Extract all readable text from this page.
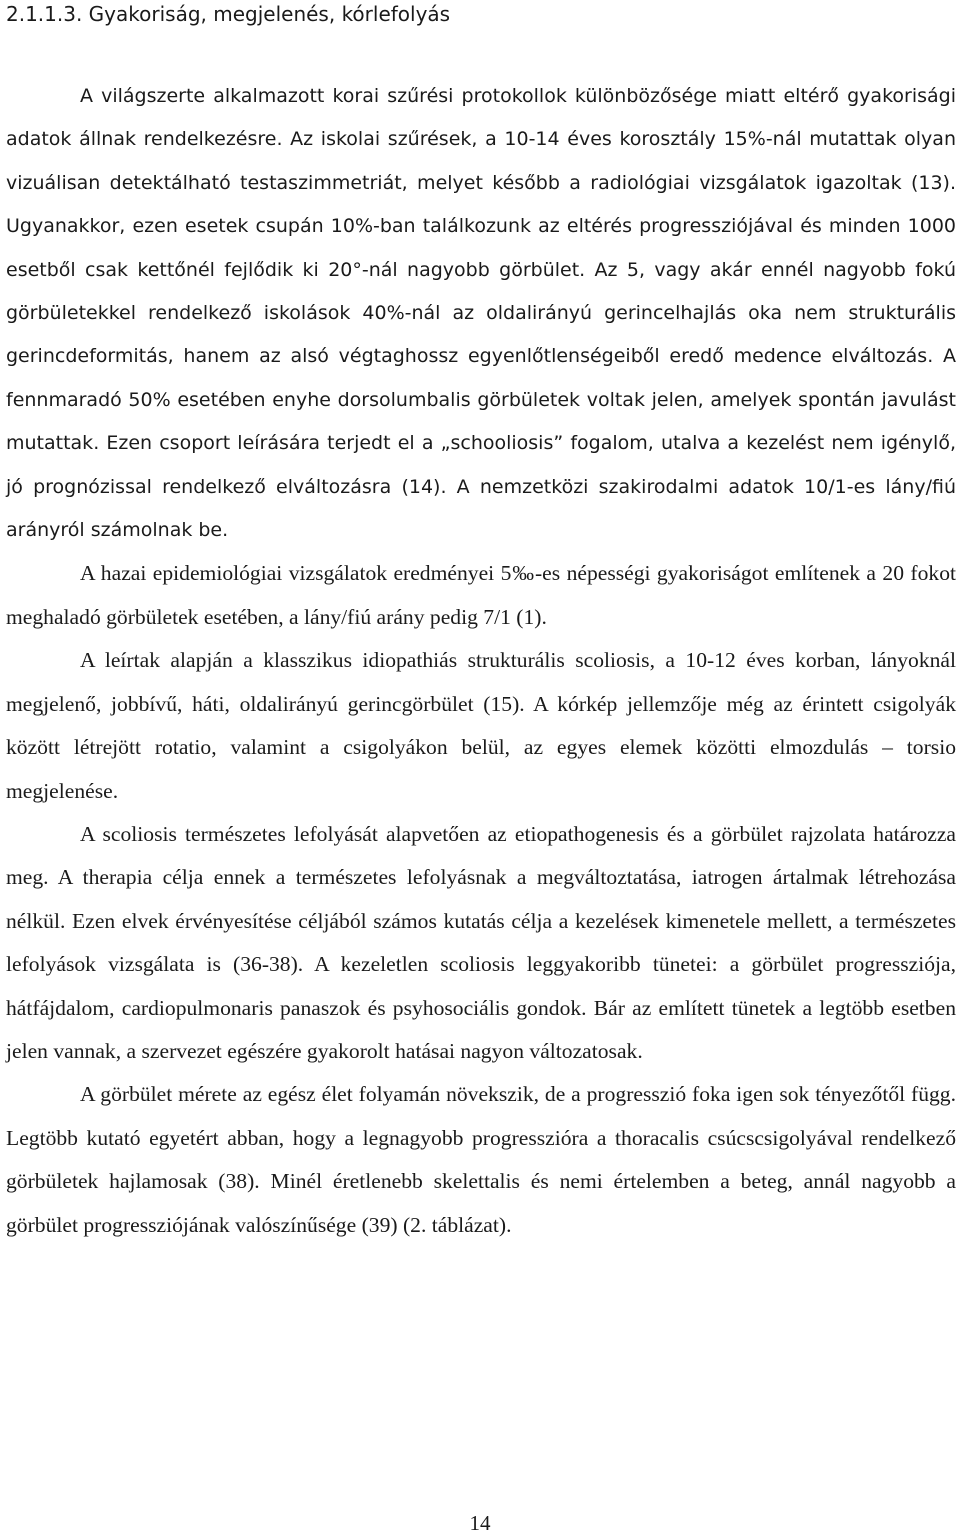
2.1.1.3. Gyakoriság, megjelenés, kórlefolyás

A világszerte alkalmazott korai szűrési protokollok különbözősége miatt eltérő gyakorisági adatok állnak rendelkezésre. Az iskolai szűrések, a 10-14 éves korosztály 15%-nál mutattak olyan vizuálisan detektálható testaszimmetriát, melyet később a radiológiai vizsgálatok igazoltak (13). Ugyanakkor, ezen esetek csupán 10%-ban találkozunk az eltérés progressziójával és minden 1000 esetből csak kettőnél fejlődik ki 20°-nál nagyobb görbület. Az 5, vagy akár ennél nagyobb fokú görbületekkel rendelkező iskolások 40%-nál az oldalirányú gerincelhajlás oka nem strukturális gerincdeformitás, hanem az alsó végtaghossz egyenlőtlenségeiből eredő medence elváltozás. A fennmaradó 50% esetében enyhe dorsolumbalis görbületek voltak jelen, amelyek spontán javulást mutattak. Ezen csoport leírására terjedt el a „schooliosis” fogalom, utalva a kezelést nem igénylő, jó prognózissal rendelkező elváltozásra (14). A nemzetközi szakirodalmi adatok 10/1-es lány/fiú arányról számolnak be.

A hazai epidemiológiai vizsgálatok eredményei 5‰-es népességi gyakoriságot említenek a 20 fokot meghaladó görbületek esetében, a lány/fiú arány pedig 7/1 (1).

A leírtak alapján a klasszikus idiopathiás strukturális scoliosis, a 10-12 éves korban, lányoknál megjelenő, jobbívű, háti, oldalirányú gerincgörbület (15). A kórkép jellemzője még az érintett csigolyák között létrejött rotatio, valamint a csigolyákon belül, az egyes elemek közötti elmozdulás – torsio megjelenése.

A scoliosis természetes lefolyását alapvetően az etiopathogenesis és a görbület rajzolata határozza meg. A therapia célja ennek a természetes lefolyásnak a megváltoztatása, iatrogen ártalmak létrehozása nélkül. Ezen elvek érvényesítése céljából számos kutatás célja a kezelések kimenetele mellett, a természetes lefolyások vizsgálata is (36-38). A kezeletlen scoliosis leggyakoribb tünetei: a görbület progressziója, hátfájdalom, cardiopulmonaris panaszok és psyhosociális gondok. Bár az említett tünetek a legtöbb esetben jelen vannak, a szervezet egészére gyakorolt hatásai nagyon változatosak.

A görbület mérete az egész élet folyamán növekszik, de a progresszió foka igen sok tényezőtől függ. Legtöbb kutató egyetért abban, hogy a legnagyobb progresszióra a thoracalis csúcscsigolyával rendelkező görbületek hajlamosak (38). Minél éretlenebb skelettalis és nemi értelemben a beteg, annál nagyobb a görbület progressziójának valószínűsége (39) (2. táblázat).

14
